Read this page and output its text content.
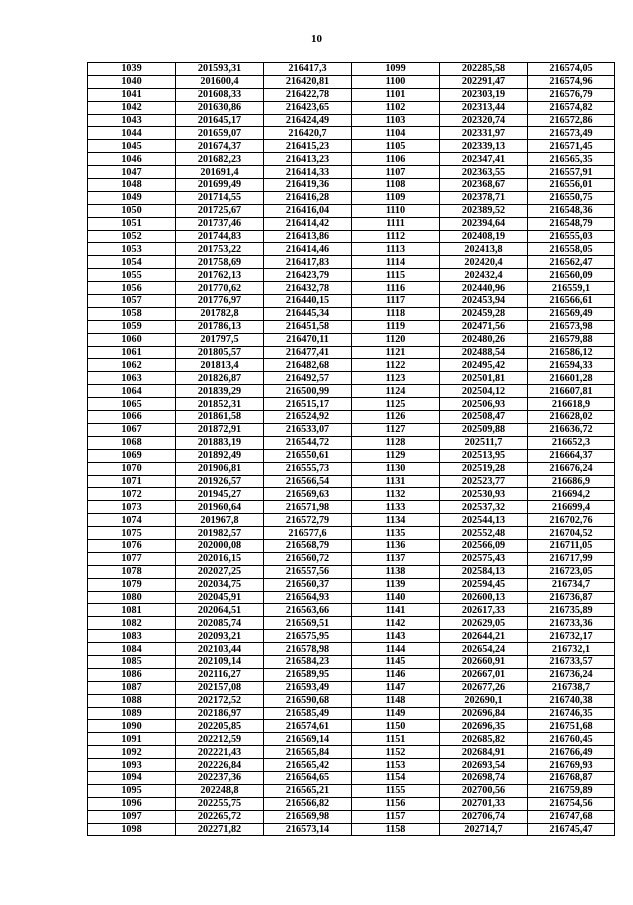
10
1039	201593,31	216417,3	1099	202285,58	216574,05
1040	201600,4	216420,81	1100	202291,47	216574,96
1041	201608,33	216422,78	1101	202303,19	216576,79
1042	201630,86	216423,65	1102	202313,44	216574,82
1043	201645,17	216424,49	1103	202320,74	216572,86
1044	201659,07	216420,7	1104	202331,97	216573,49
1045	201674,37	216415,23	1105	202339,13	216571,45
1046	201682,23	216413,23	1106	202347,41	216565,35
1047	201691,4	216414,33	1107	202363,55	216557,91
1048	201699,49	216419,36	1108	202368,67	216556,01
1049	201714,55	216416,28	1109	202378,71	216550,75
1050	201725,67	216416,04	1110	202389,52	216548,36
1051	201737,46	216414,42	1111	202394,64	216548,79
1052	201744,83	216413,86	1112	202408,19	216555,03
1053	201753,22	216414,46	1113	202413,8	216558,05
1054	201758,69	216417,83	1114	202420,4	216562,47
1055	201762,13	216423,79	1115	202432,4	216560,09
1056	201770,62	216432,78	1116	202440,96	216559,1
1057	201776,97	216440,15	1117	202453,94	216566,61
1058	201782,8	216445,34	1118	202459,28	216569,49
1059	201786,13	216451,58	1119	202471,56	216573,98
1060	201797,5	216470,11	1120	202480,26	216579,88
1061	201805,57	216477,41	1121	202488,54	216586,12
1062	201813,4	216482,68	1122	202495,42	216594,33
1063	201826,87	216492,57	1123	202501,81	216601,28
1064	201839,29	216500,99	1124	202504,12	216607,81
1065	201852,31	216515,17	1125	202506,93	216618,9
1066	201861,58	216524,92	1126	202508,47	216628,02
1067	201872,91	216533,07	1127	202509,88	216636,72
1068	201883,19	216544,72	1128	202511,7	216652,3
1069	201892,49	216550,61	1129	202513,95	216664,37
1070	201906,81	216555,73	1130	202519,28	216676,24
1071	201926,57	216566,54	1131	202523,77	216686,9
1072	201945,27	216569,63	1132	202530,93	216694,2
1073	201960,64	216571,98	1133	202537,32	216699,4
1074	201967,8	216572,79	1134	202544,13	216702,76
1075	201982,57	216577,6	1135	202552,48	216704,52
1076	202000,08	216568,79	1136	202566,09	216711,05
1077	202016,15	216560,72	1137	202575,43	216717,99
1078	202027,25	216557,56	1138	202584,13	216723,05
1079	202034,75	216560,37	1139	202594,45	216734,7
1080	202045,91	216564,93	1140	202600,13	216736,87
1081	202064,51	216563,66	1141	202617,33	216735,89
1082	202085,74	216569,51	1142	202629,05	216733,36
1083	202093,21	216575,95	1143	202644,21	216732,17
1084	202103,44	216578,98	1144	202654,24	216732,1
1085	202109,14	216584,23	1145	202660,91	216733,57
1086	202116,27	216589,95	1146	202667,01	216736,24
1087	202157,08	216593,49	1147	202677,26	216738,7
1088	202172,52	216590,68	1148	202690,1	216740,38
1089	202186,97	216585,49	1149	202696,84	216746,35
1090	202205,85	216574,61	1150	202696,35	216751,68
1091	202212,59	216569,14	1151	202685,82	216760,45
1092	202221,43	216565,84	1152	202684,91	216766,49
1093	202226,84	216565,42	1153	202693,54	216769,93
1094	202237,36	216564,65	1154	202698,74	216768,87
1095	202248,8	216565,21	1155	202700,56	216759,89
1096	202255,75	216566,82	1156	202701,33	216754,56
1097	202265,72	216569,98	1157	202706,74	216747,68
1098	202271,82	216573,14	1158	202714,7	216745,47
